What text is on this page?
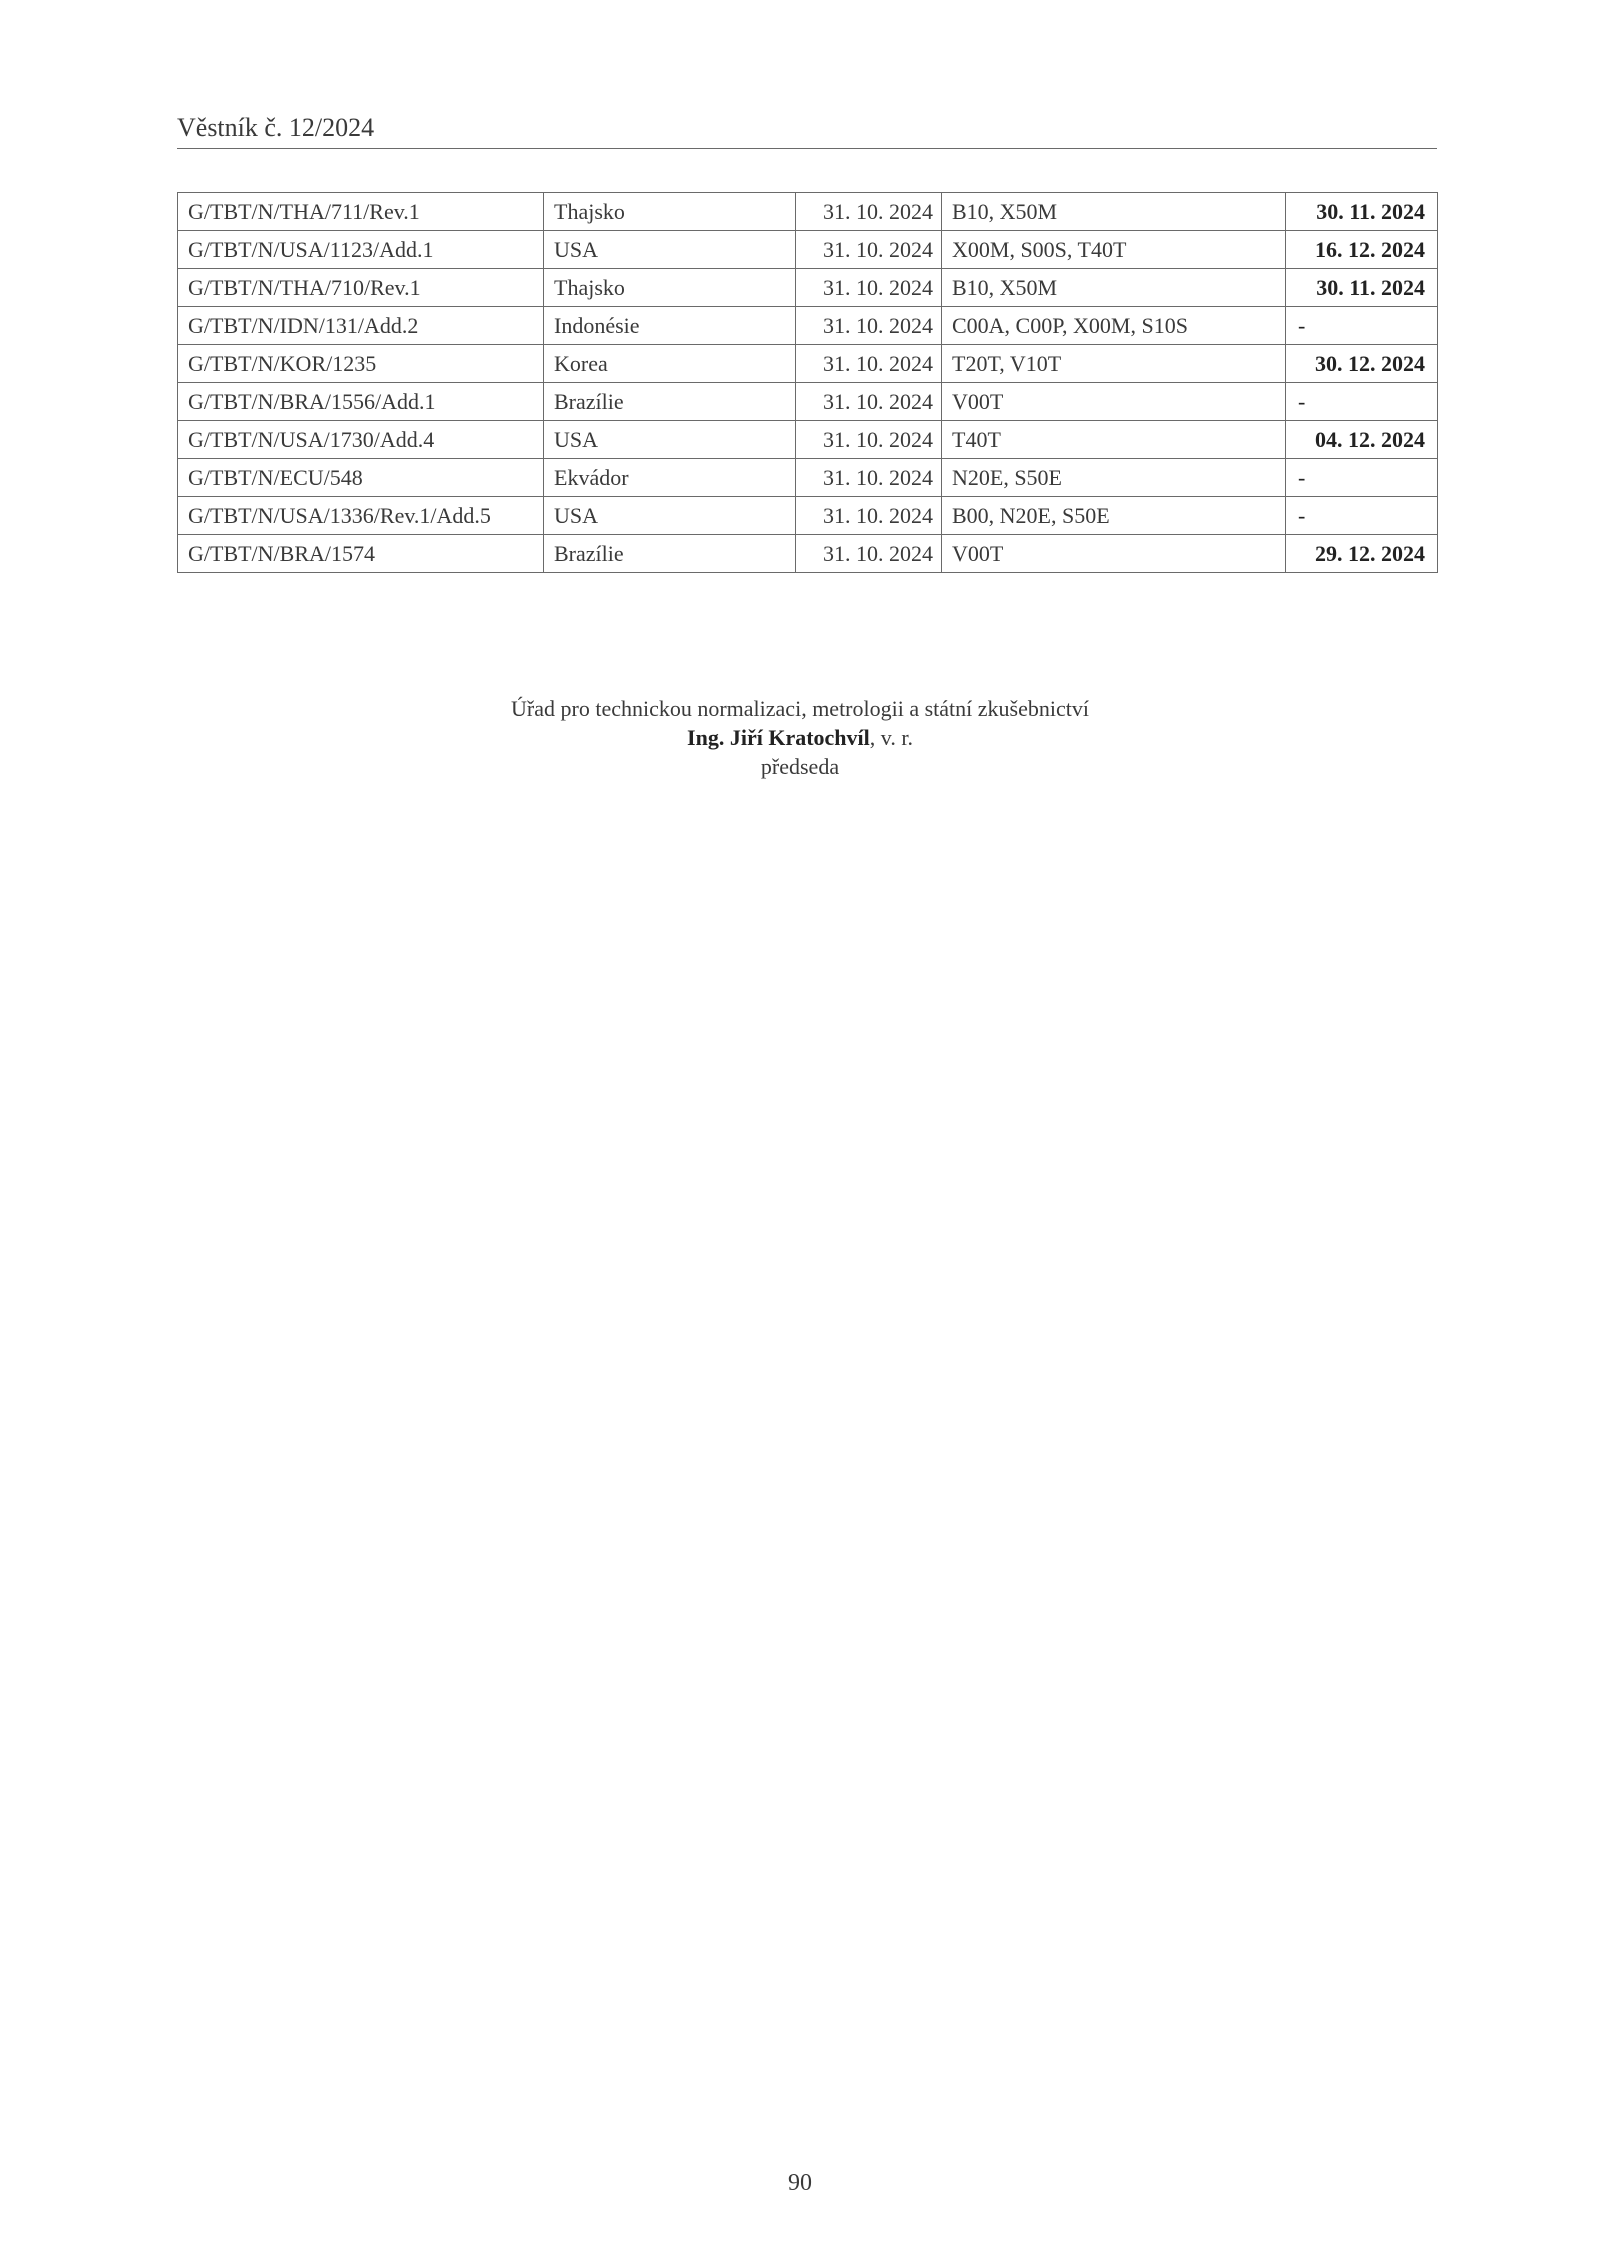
Věstník č. 12/2024
G/TBT/N/THA/711/Rev.1	Thajsko	31. 10. 2024	B10, X50M	30. 11. 2024
G/TBT/N/USA/1123/Add.1	USA	31. 10. 2024	X00M, S00S, T40T	16. 12. 2024
G/TBT/N/THA/710/Rev.1	Thajsko	31. 10. 2024	B10, X50M	30. 11. 2024
G/TBT/N/IDN/131/Add.2	Indonésie	31. 10. 2024	C00A, C00P, X00M, S10S	-
G/TBT/N/KOR/1235	Korea	31. 10. 2024	T20T, V10T	30. 12. 2024
G/TBT/N/BRA/1556/Add.1	Brazílie	31. 10. 2024	V00T	-
G/TBT/N/USA/1730/Add.4	USA	31. 10. 2024	T40T	04. 12. 2024
G/TBT/N/ECU/548	Ekvádor	31. 10. 2024	N20E, S50E	-
G/TBT/N/USA/1336/Rev.1/Add.5	USA	31. 10. 2024	B00, N20E, S50E	-
G/TBT/N/BRA/1574	Brazílie	31. 10. 2024	V00T	29. 12. 2024
Úřad pro technickou normalizaci, metrologii a státní zkušebnictví
Ing. Jiří Kratochvíl, v. r.
předseda
90
